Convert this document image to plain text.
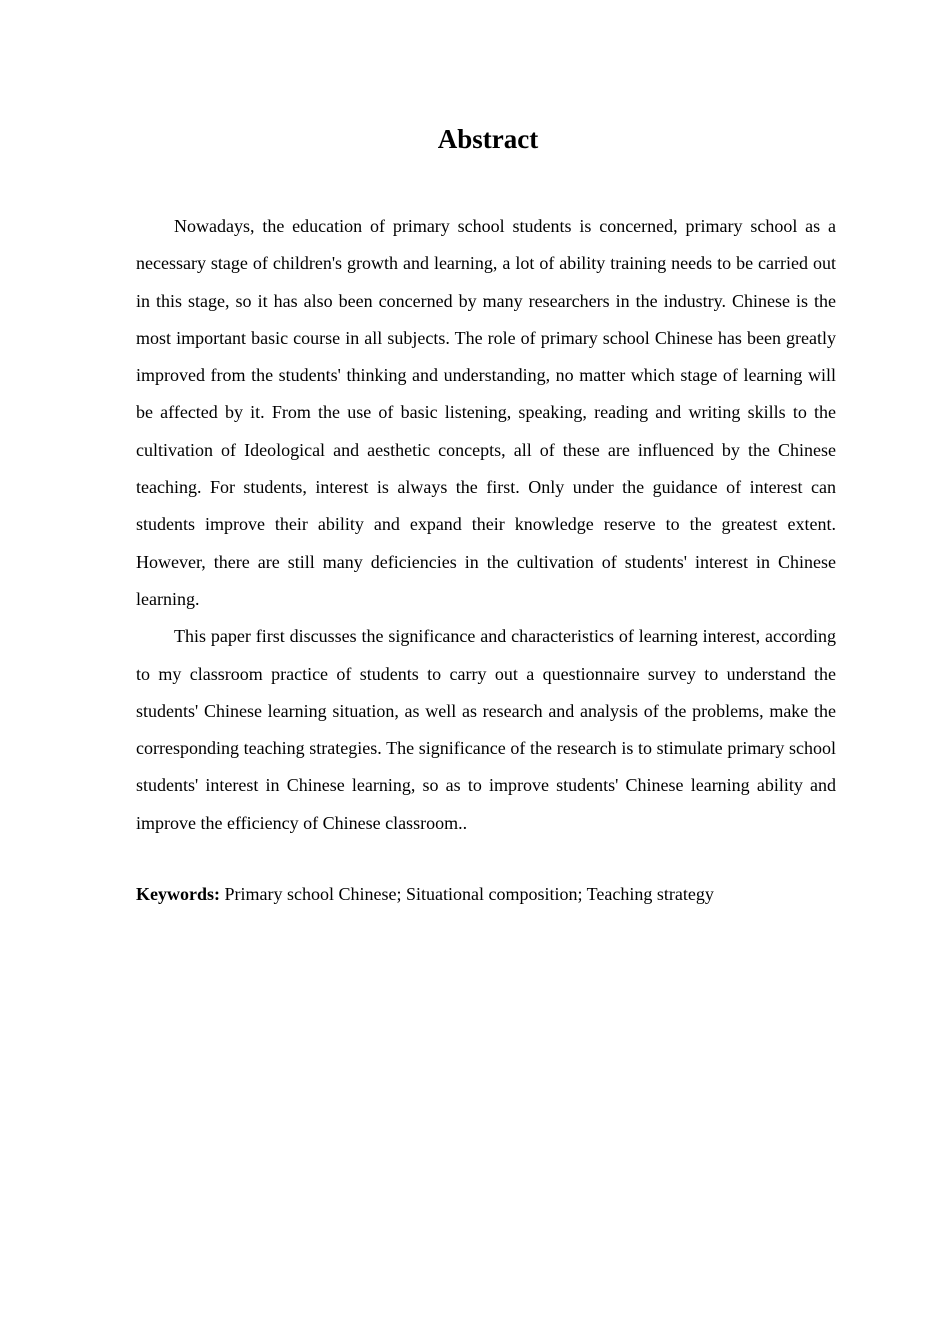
Abstract

Nowadays, the education of primary school students is concerned, primary school as a necessary stage of children's growth and learning, a lot of ability training needs to be carried out in this stage, so it has also been concerned by many researchers in the industry. Chinese is the most important basic course in all subjects. The role of primary school Chinese has been greatly improved from the students' thinking and understanding, no matter which stage of learning will be affected by it. From the use of basic listening, speaking, reading and writing skills to the cultivation of Ideological and aesthetic concepts, all of these are influenced by the Chinese teaching. For students, interest is always the first. Only under the guidance of interest can students improve their ability and expand their knowledge reserve to the greatest extent. However, there are still many deficiencies in the cultivation of students' interest in Chinese learning.

This paper first discusses the significance and characteristics of learning interest, according to my classroom practice of students to carry out a questionnaire survey to understand the students' Chinese learning situation, as well as research and analysis of the problems, make the corresponding teaching strategies. The significance of the research is to stimulate primary school students' interest in Chinese learning, so as to improve students' Chinese learning ability and improve the efficiency of Chinese classroom..

Keywords: Primary school Chinese; Situational composition; Teaching strategy
